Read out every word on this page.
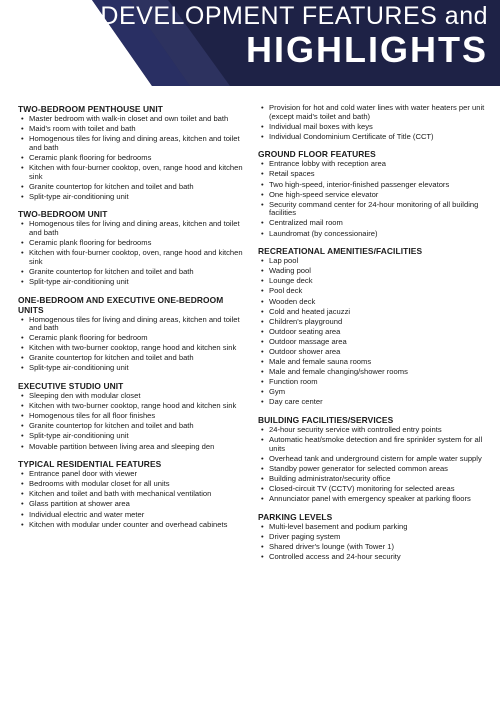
DEVELOPMENT FEATURES and
HIGHLIGHTS
TWO-BEDROOM PENTHOUSE UNIT
• Master bedroom with walk-in closet and own toilet and bath
• Maid's room with toilet and bath
• Homogenous tiles for living and dining areas, kitchen and toilet and bath
• Ceramic plank flooring for bedrooms
• Kitchen with four-burner cooktop, oven, range hood and kitchen sink
• Granite countertop for kitchen and toilet and bath
• Split-type air-conditioning unit
TWO-BEDROOM UNIT
• Homogenous tiles for living and dining areas, kitchen and toilet and bath
• Ceramic plank flooring for bedrooms
• Kitchen with four-burner cooktop, oven, range hood and kitchen sink
• Granite countertop for kitchen and toilet and bath
• Split-type air-conditioning unit
ONE-BEDROOM AND EXECUTIVE ONE-BEDROOM UNITS
• Homogenous tiles for living and dining areas, kitchen and toilet and bath
• Ceramic plank flooring for bedroom
• Kitchen with two-burner cooktop, range hood and kitchen sink
• Granite countertop for kitchen and toilet and bath
• Split-type air-conditioning unit
EXECUTIVE STUDIO UNIT
• Sleeping den with modular closet
• Kitchen with two-burner cooktop, range hood and kitchen sink
• Homogenous tiles for all floor finishes
• Granite countertop for kitchen and toilet and bath
• Split-type air-conditioning unit
• Movable partition between living area and sleeping den
TYPICAL RESIDENTIAL FEATURES
• Entrance panel door with viewer
• Bedrooms with modular closet for all units
• Kitchen and toilet and bath with mechanical ventilation
• Glass partition at shower area
• Individual electric and water meter
• Kitchen with modular under counter and overhead cabinets
• Provision for hot and cold water lines with water heaters per unit (except maid's toilet and bath)
• Individual mail boxes with keys
• Individual Condominium Certificate of Title (CCT)
GROUND FLOOR FEATURES
• Entrance lobby with reception area
• Retail spaces
• Two high-speed, interior-finished passenger elevators
• One high-speed service elevator
• Security command center for 24-hour monitoring of all building facilities
• Centralized mail room
• Laundromat (by concessionaire)
RECREATIONAL AMENITIES/FACILITIES
• Lap pool
• Wading pool
• Lounge deck
• Pool deck
• Wooden deck
• Cold and heated jacuzzi
• Children's playground
• Outdoor seating area
• Outdoor massage area
• Outdoor shower area
• Male and female sauna rooms
• Male and female changing/shower rooms
• Function room
• Gym
• Day care center
BUILDING FACILITIES/SERVICES
• 24-hour security service with controlled entry points
• Automatic heat/smoke detection and fire sprinkler system for all units
• Overhead tank and underground cistern for ample water supply
• Standby power generator for selected common areas
• Building administrator/security office
• Closed-circuit TV (CCTV) monitoring for selected areas
• Annunciator panel with emergency speaker at parking floors
PARKING LEVELS
• Multi-level basement and podium parking
• Driver paging system
• Shared driver's lounge (with Tower 1)
• Controlled access and 24-hour security
